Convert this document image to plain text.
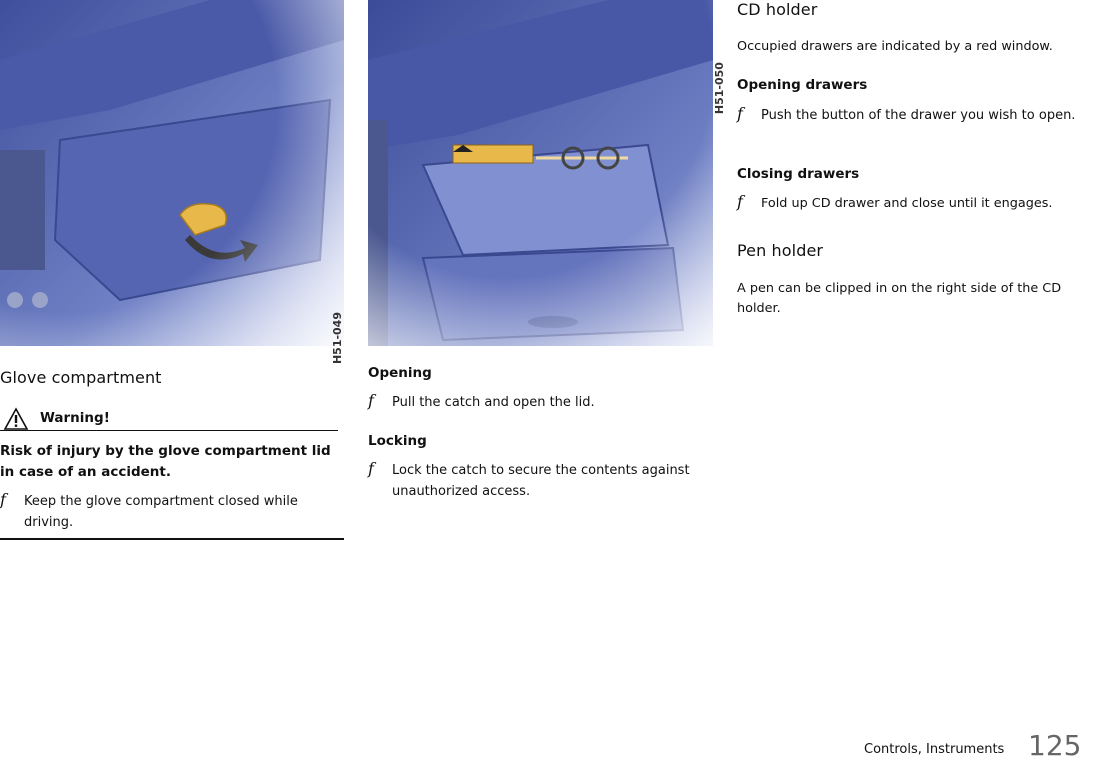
H51-049
H51-050
Glove compartment
Warning!

Risk of injury by the glove compartment lid in case of an accident.

f Keep the glove compartment closed while driving.
Opening
f Pull the catch and open the lid.
Locking
f Lock the catch to secure the contents against unauthorized access.
CD holder

Occupied drawers are indicated by a red window.

Opening drawers
f Push the button of the drawer you wish to open.
Closing drawers
f Fold up CD drawer and close until it engages.
Pen holder

A pen can be clipped in on the right side of the CD holder.

Controls, Instruments 125
